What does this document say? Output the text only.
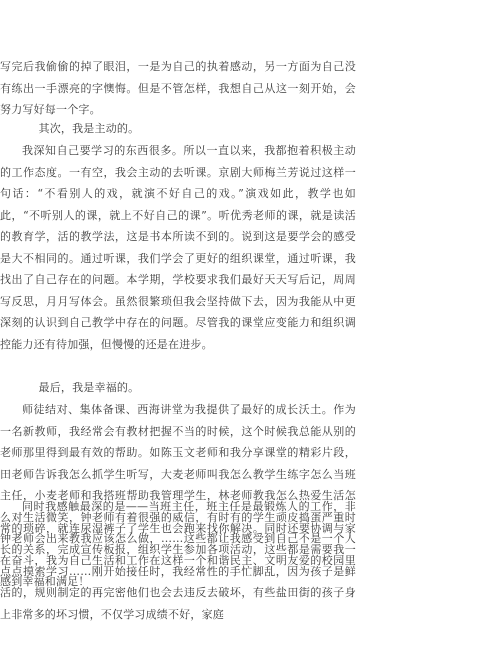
写完后我偷偷的掉了眼泪，一是为自己的执着感动，另一方面为自己没有练出一手漂亮的字懊悔。但是不管怎样，我想自己从这一刻开始，会努力写好每一个字。

其次，我是主动的。

我深知自己要学习的东西很多。所以一直以来，我都抱着积极主动的工作态度。一有空，我会主动的去听课。京剧大师梅兰芳说过这样一句话：“不看别人的戏，就演不好自己的戏。”演戏如此，教学也如此，“不听别人的课，就上不好自己的课”。听优秀老师的课，就是读活的教育学，活的教学法，这是书本所读不到的。说到这是要学会的感受是大不相同的。通过听课，我们学会了更好的组织课堂，通过听课，我找出了自己存在的问题。本学期，学校要求我们最好天天写后记，周周写反思，月月写体会。虽然很繁琐但我会坚持做下去，因为我能从中更深刻的认识到自己教学中存在的问题。尽管我的课堂应变能力和组织调控能力还有待加强，但慢慢的还是在进步。

最后，我是幸福的。

师徒结对、集体备课、西海讲堂为我提供了最好的成长沃土。作为一名新教师，我经常会有教材把握不当的时候，这个时候我总能从别的老师那里得到最有效的帮助。如陈玉文老师和我分享课堂的精彩片段，田老师告诉我怎么抓学生听写，大麦老师叫我怎么教学生练字怎么当班主任，小麦老师和我搭班帮助我管理学生，林老师教我怎么热爱生活怎么对生活微笑，钟老师有着很强的威信，有时有的学生顽皮捣蛋严重时钟老师会出来教我应该怎么做，……这些都让我感受到自己不是一个人在奋斗，我为自己生活和工作在这样一个和谐民主、文明友爱的校园里感到幸福和满足！

同时我感触最深的是——当班主任，班主任是最锻炼人的工作，非常的琐碎，就连尿湿裤子了学生也会跑来找你解决。同时还要协调与家长的关系，完成宣传板报，组织学生参加各项活动，这些都是需要我一点点摸索学习……刚开始接任时，我经常性的手忙脚乱，因为孩子是鲜活的，规则制定的再完密他们也会去违反去破坏，有些盐田街的孩子身上非常多的坏习惯，不仅学习成绩不好，家庭
